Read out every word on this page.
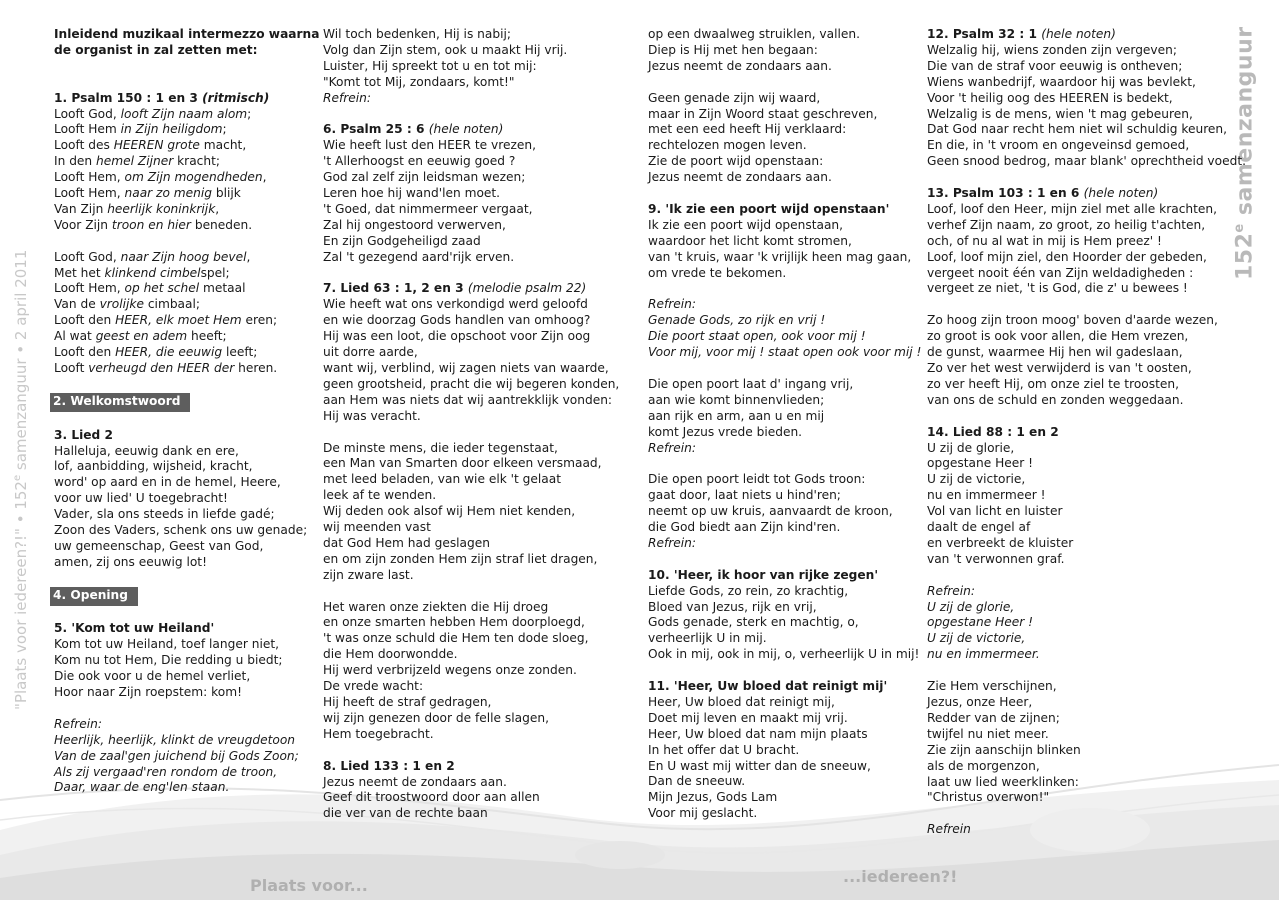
Plaats voor...	...iedereen?!
"Plaats voor iedereen?!" • 152e samenzanguur • 2 april 2011	152e samenzanguur
Inleidend muzikaal intermezzo waarna
de organist in zal zetten met:
1. Psalm 150 : 1 en 3 (ritmisch)
Looft God, looft Zijn naam alom;
Looft Hem in Zijn heiligdom;
Looft des HEEREN grote macht,
In den hemel Zijner kracht;
Looft Hem, om Zijn mogendheden,
Looft Hem, naar zo menig blijk
Van Zijn heerlijk koninkrijk,
Voor Zijn troon en hier beneden.
Looft God, naar Zijn hoog bevel,
Met het klinkend cimbelspel;
Looft Hem, op het schel metaal
Van de vrolijke cimbaal;
Looft den HEER, elk moet Hem eren;
Al wat geest en adem heeft;
Looft den HEER, die eeuwig leeft;
Looft verheugd den HEER der heren.
2. Welkomstwoord
3. Lied 2
Halleluja, eeuwig dank en ere,
lof, aanbidding, wijsheid, kracht,
word' op aard en in de hemel, Heere,
voor uw lied' U toegebracht!
Vader, sla ons steeds in liefde gadé;
Zoon des Vaders, schenk ons uw genade;
uw gemeenschap, Geest van God,
amen, zij ons eeuwig lot!
4. Opening
5. 'Kom tot uw Heiland'
Kom tot uw Heiland, toef langer niet,
Kom nu tot Hem, Die redding u biedt;
Die ook voor u de hemel verliet,
Hoor naar Zijn roepstem: kom!
Refrein:
Heerlijk, heerlijk, klinkt de vreugdetoon
Van de zaal'gen juichend bij Gods Zoon;
Als zij vergaad'ren rondom de troon,
Daar, waar de eng'len staan.
Wil toch bedenken, Hij is nabij;
Volg dan Zijn stem, ook u maakt Hij vrij.
Luister, Hij spreekt tot u en tot mij:
"Komt tot Mij, zondaars, komt!"
Refrein:
6. Psalm 25 : 6 (hele noten)
Wie heeft lust den HEER te vrezen,
't Allerhoogst en eeuwig goed ?
God zal zelf zijn leidsman wezen;
Leren hoe hij wand'len moet.
't Goed, dat nimmermeer vergaat,
Zal hij ongestoord verwerven,
En zijn Godgeheiligd zaad
Zal 't gezegend aard'rijk erven.
7. Lied 63 : 1, 2 en 3 (melodie psalm 22)
Wie heeft wat ons verkondigd werd geloofd
en wie doorzag Gods handlen van omhoog?
Hij was een loot, die opschoot voor Zijn oog
uit dorre aarde,
want wij, verblind, wij zagen niets van waarde,
geen grootsheid, pracht die wij begeren konden,
aan Hem was niets dat wij aantrekklijk vonden:
Hij was veracht.
De minste mens, die ieder tegenstaat,
een Man van Smarten door elkeen versmaad,
met leed beladen, van wie elk 't gelaat
leek af te wenden.
Wij deden ook alsof wij Hem niet kenden,
wij meenden vast
dat God Hem had geslagen
en om zijn zonden Hem zijn straf liet dragen,
zijn zware last.
Het waren onze ziekten die Hij droeg
en onze smarten hebben Hem doorploegd,
't was onze schuld die Hem ten dode sloeg,
die Hem doorwondde.
Hij werd verbrijzeld wegens onze zonden.
De vrede wacht:
Hij heeft de straf gedragen,
wij zijn genezen door de felle slagen,
Hem toegebracht.
8. Lied 133 : 1 en 2
Jezus neemt de zondaars aan.
Geef dit troostwoord door aan allen
die ver van de rechte baan
op een dwaalweg struiklen, vallen.
Diep is Hij met hen begaan:
Jezus neemt de zondaars aan.
Geen genade zijn wij waard,
maar in Zijn Woord staat geschreven,
met een eed heeft Hij verklaard:
rechtelozen mogen leven.
Zie de poort wijd openstaan:
Jezus neemt de zondaars aan.
9. 'Ik zie een poort wijd openstaan'
Ik zie een poort wijd openstaan,
waardoor het licht komt stromen,
van 't kruis, waar 'k vrijlijk heen mag gaan,
om vrede te bekomen.
Refrein:
Genade Gods, zo rijk en vrij !
Die poort staat open, ook voor mij !
Voor mij, voor mij ! staat open ook voor mij !
Die open poort laat d' ingang vrij,
aan wie komt binnenvlieden;
aan rijk en arm, aan u en mij
komt Jezus vrede bieden.
Refrein:
Die open poort leidt tot Gods troon:
gaat door, laat niets u hind'ren;
neemt op uw kruis, aanvaardt de kroon,
die God biedt aan Zijn kind'ren.
Refrein:
10. 'Heer, ik hoor van rijke zegen'
Liefde Gods, zo rein, zo krachtig,
Bloed van Jezus, rijk en vrij,
Gods genade, sterk en machtig, o,
verheerlijk U in mij.
Ook in mij, ook in mij, o, verheerlijk U in mij!
11. 'Heer, Uw bloed dat reinigt mij'
Heer, Uw bloed dat reinigt mij,
Doet mij leven en maakt mij vrij.
Heer, Uw bloed dat nam mijn plaats
In het offer dat U bracht.
En U wast mij witter dan de sneeuw,
Dan de sneeuw.
Mijn Jezus, Gods Lam
Voor mij geslacht.
12. Psalm 32 : 1 (hele noten)
Welzalig hij, wiens zonden zijn vergeven;
Die van de straf voor eeuwig is ontheven;
Wiens wanbedrijf, waardoor hij was bevlekt,
Voor 't heilig oog des HEEREN is bedekt,
Welzalig is de mens, wien 't mag gebeuren,
Dat God naar recht hem niet wil schuldig keuren,
En die, in 't vroom en ongeveinsd gemoed,
Geen snood bedrog, maar blank' oprechtheid voedt.
13. Psalm 103 : 1 en 6 (hele noten)
Loof, loof den Heer, mijn ziel met alle krachten,
verhef Zijn naam, zo groot, zo heilig t'achten,
och, of nu al wat in mij is Hem preez' !
Loof, loof mijn ziel, den Hoorder der gebeden,
vergeet nooit één van Zijn weldadigheden :
vergeet ze niet, 't is God, die z' u bewees !
Zo hoog zijn troon moog' boven d'aarde wezen,
zo groot is ook voor allen, die Hem vrezen,
de gunst, waarmee Hij hen wil gadeslaan,
Zo ver het west verwijderd is van 't oosten,
zo ver heeft Hij, om onze ziel te troosten,
van ons de schuld en zonden weggedaan.
14. Lied 88 : 1 en 2
U zij de glorie,
opgestane Heer !
U zij de victorie,
nu en immermeer !
Vol van licht en luister
daalt de engel af
en verbreekt de kluister
van 't verwonnen graf.
Refrein:
U zij de glorie,
opgestane Heer !
U zij de victorie,
nu en immermeer.
Zie Hem verschijnen,
Jezus, onze Heer,
Redder van de zijnen;
twijfel nu niet meer.
Zie zijn aanschijn blinken
als de morgenzon,
laat uw lied weerklinken:
"Christus overwon!"
Refrein
